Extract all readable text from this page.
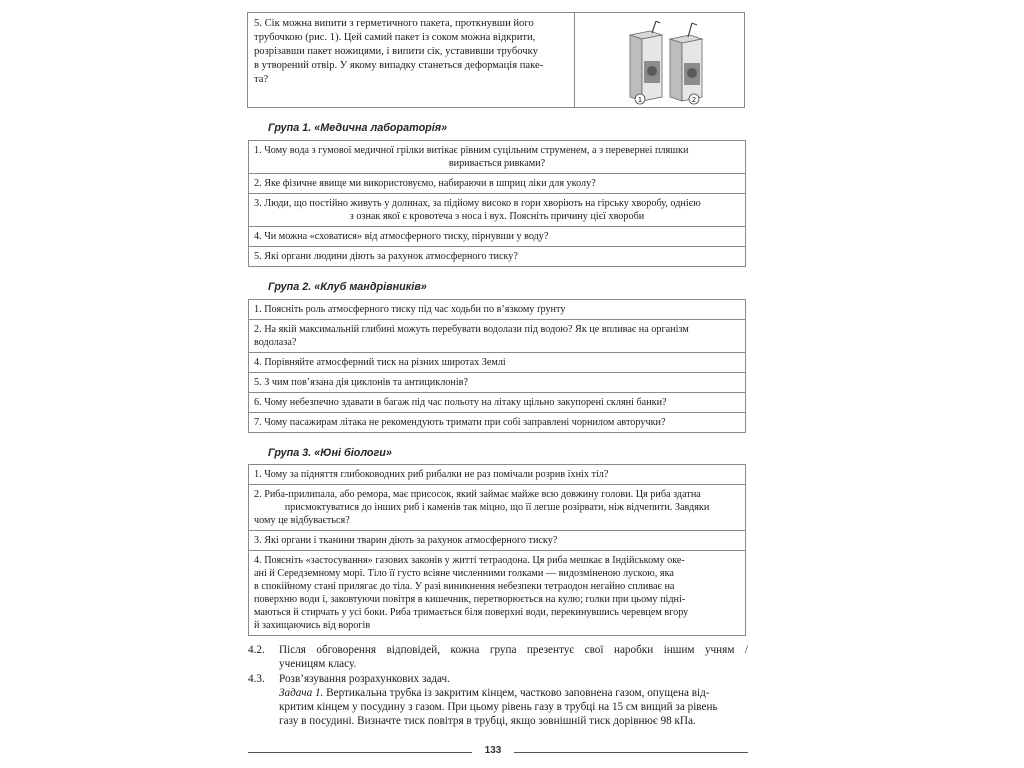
5. Сік можна випити з герметичного пакета, проткнувши його
трубочкою (рис. 1). Цей самий пакет із соком можна відкрити,
розрізавши пакет ножицями, і випити сік, уставивши трубочку
в утворений отвір. У якому випадку станеться деформація паке-
та?
1	2
Група 1. «Медична лабораторія»
1. Чому вода з гумової медичної грілки витікає рівним суцільним струменем, а з перевернеі пляшки
виривається ривками?

2. Яке фізичне явище ми використовуємо, набираючи в шприц ліки для уколу?

3. Люди, що постійно живуть у долинах, за підйому високо в гори хворіють на гірську хворобу, однією
з ознак якої є кровотеча з носа і вух. Поясніть причину цієї хвороби

4. Чи можна «сховатися» від атмосферного тиску, пірнувши у воду?

5. Які органи людини діють за рахунок атмосферного тиску?
Група 2. «Клуб мандрівників»
1. Поясніть роль атмосферного тиску під час ходьби по в’язкому ґрунту

2. На якій максимальній глибині можуть перебувати водолази під водою? Як це впливає на організм
водолаза?

4. Порівняйте атмосферний тиск на різних широтах Землі

5. З чим пов’язана дія циклонів та антициклонів?

6. Чому небезпечно здавати в багаж під час польоту на літаку щільно закупорені скляні банки?

7. Чому пасажирам літака не рекомендують тримати при собі заправлені чорнилом авторучки?
Група 3. «Юні біологи»
1. Чому за підняття глибоководних риб рибалки не раз помічали розрив їхніх тіл?

2. Риба-прилипала, або ремора, має присосок, який займає майже всю довжину голови. Ця риба здатна
присмоктуватися до інших риб і каменів так міцно, що її легше розірвати, ніж відчепити. Завдяки
чому це відбувається?

3. Які органи і тканини тварин діють за рахунок атмосферного тиску?

4. Поясніть «застосування» газових законів у житті тетраодона. Ця риба мешкає в Індійському оке-
ані й Середземному морі. Тіло її густо всіяне численними голками — видозміненою лускою, яка
в спокійному стані прилягає до тіла. У разі виникнення небезпеки тетраодон негайно спливає на
поверхню води і, заковтуючи повітря в кишечник, перетворюється на кулю; голки при цьому підні-
маються й стирчать у усі боки. Риба тримається біля поверхні води, перекинувшись черевцем вгору
й захищаючись від ворогів
4.2. Після обговорення відповідей, кожна група презентує свої наробки іншим учням /
ученицям класу.
4.3. Розв’язування розрахункових задач.
Задача 1. Вертикальна трубка із закритим кінцем, частково заповнена газом, опущена від-
критим кінцем у посудину з газом. При цьому рівень газу в трубці на 15 см вищий за рівень
газу в посудині. Визначте тиск повітря в трубці, якщо зовнішній тиск дорівнює 98 кПа.
133
